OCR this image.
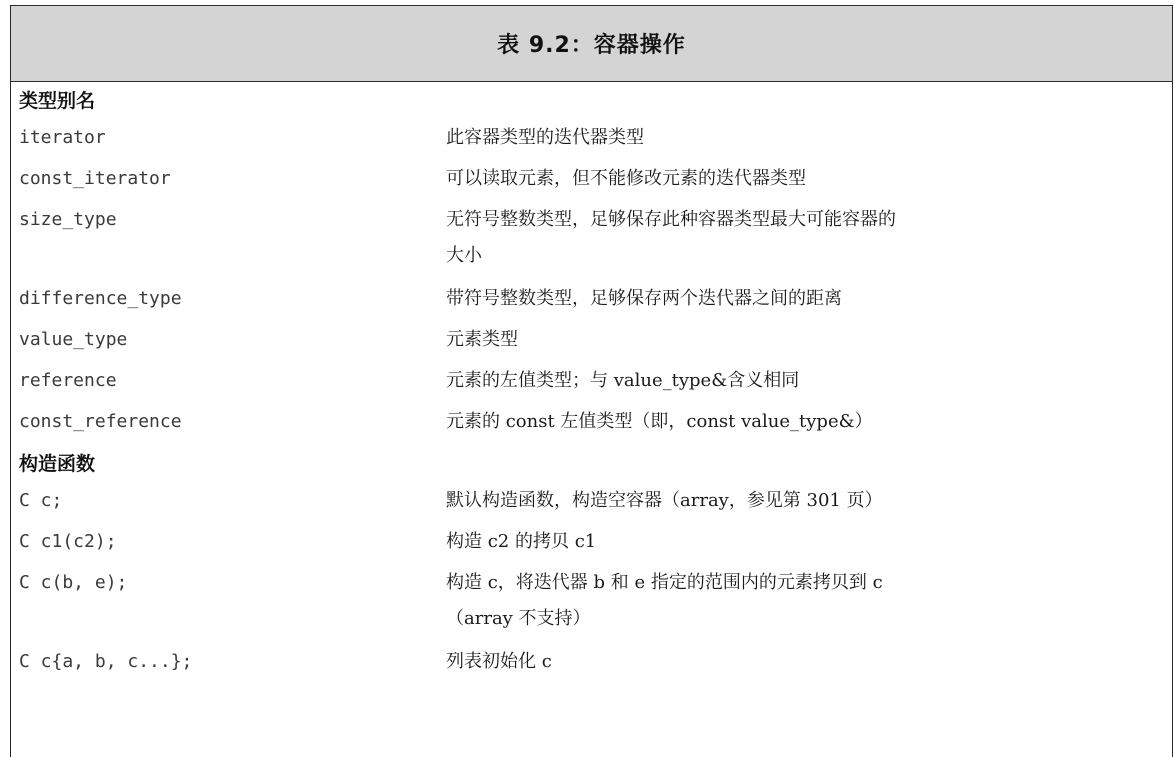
表 9.2：容器操作
类型别名
iterator	此容器类型的迭代器类型
const_iterator	可以读取元素，但不能修改元素的迭代器类型
size_type	无符号整数类型，足够保存此种容器类型最大可能容器的
大小
difference_type	带符号整数类型，足够保存两个迭代器之间的距离
value_type	元素类型
reference	元素的左值类型；与 value_type&含义相同
const_reference	元素的 const 左值类型（即，const value_type&）
构造函数
C c;	默认构造函数，构造空容器（array，参见第 301 页）
C c1(c2);	构造 c2 的拷贝 c1
C c(b, e);	构造 c，将迭代器 b 和 e 指定的范围内的元素拷贝到 c
（array 不支持）
C c{a, b, c...};	列表初始化 c
